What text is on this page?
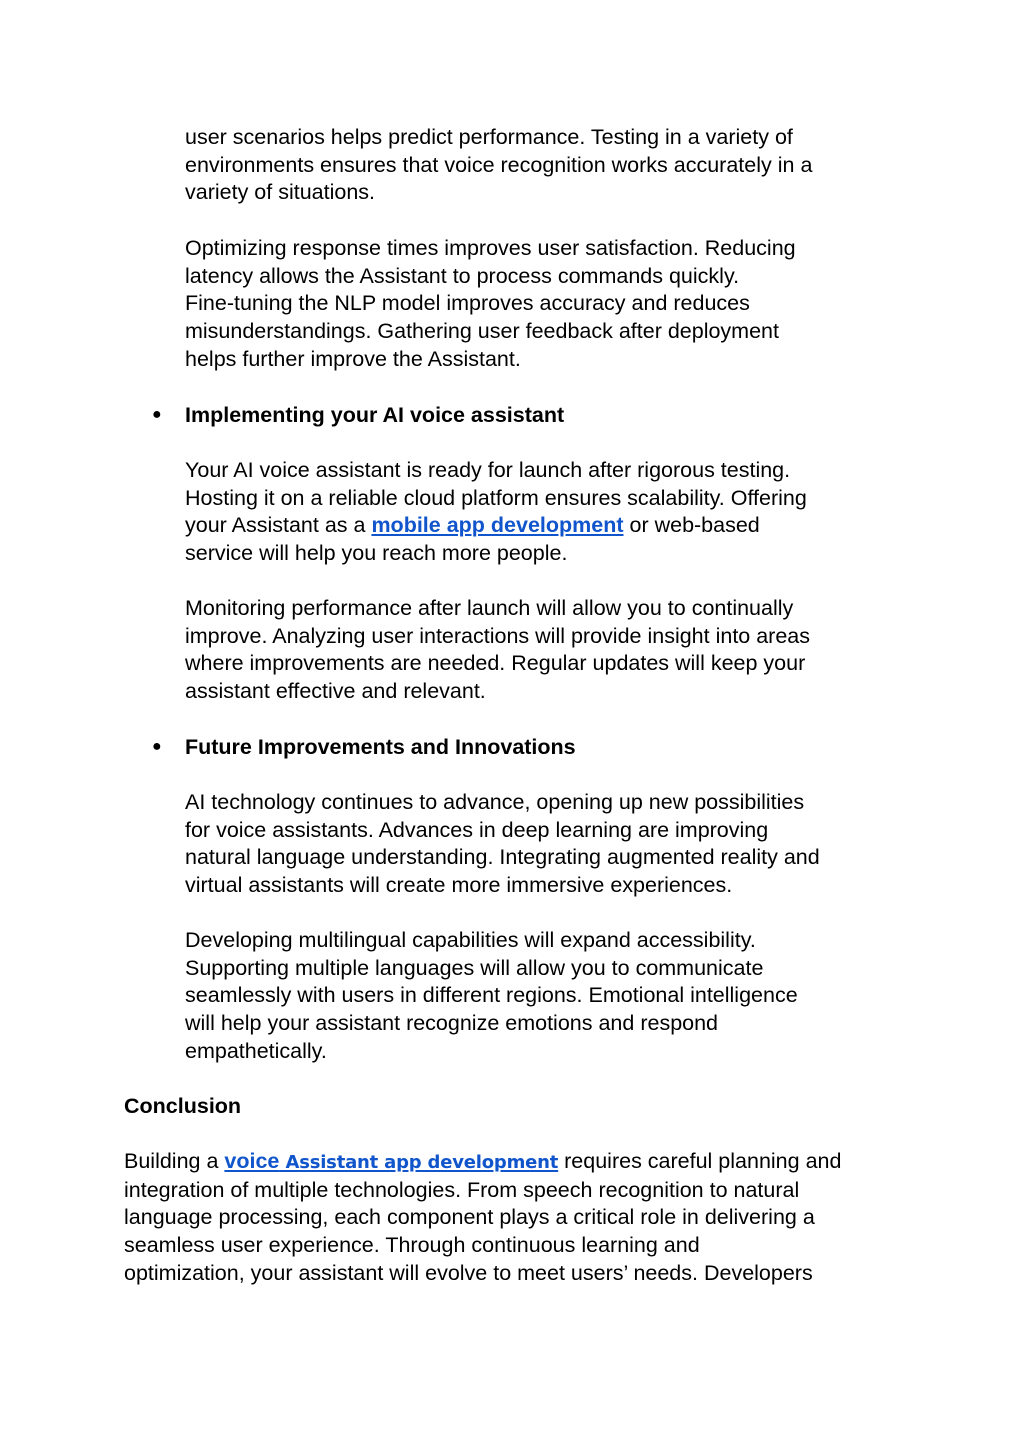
user scenarios helps predict performance. Testing in a variety of
environments ensures that voice recognition works accurately in a
variety of situations.

Optimizing response times improves user satisfaction. Reducing
latency allows the Assistant to process commands quickly.
Fine-tuning the NLP model improves accuracy and reduces
misunderstandings. Gathering user feedback after deployment
helps further improve the Assistant.

● Implementing your AI voice assistant

Your AI voice assistant is ready for launch after rigorous testing.
Hosting it on a reliable cloud platform ensures scalability. Offering
your Assistant as a mobile app development or web-based
service will help you reach more people.

Monitoring performance after launch will allow you to continually
improve. Analyzing user interactions will provide insight into areas
where improvements are needed. Regular updates will keep your
assistant effective and relevant.

● Future Improvements and Innovations

AI technology continues to advance, opening up new possibilities
for voice assistants. Advances in deep learning are improving
natural language understanding. Integrating augmented reality and
virtual assistants will create more immersive experiences.

Developing multilingual capabilities will expand accessibility.
Supporting multiple languages will allow you to communicate
seamlessly with users in different regions. Emotional intelligence
will help your assistant recognize emotions and respond
empathetically.

Conclusion

Building a voice Assistant app development requires careful planning and
integration of multiple technologies. From speech recognition to natural
language processing, each component plays a critical role in delivering a
seamless user experience. Through continuous learning and
optimization, your assistant will evolve to meet users’ needs. Developers
